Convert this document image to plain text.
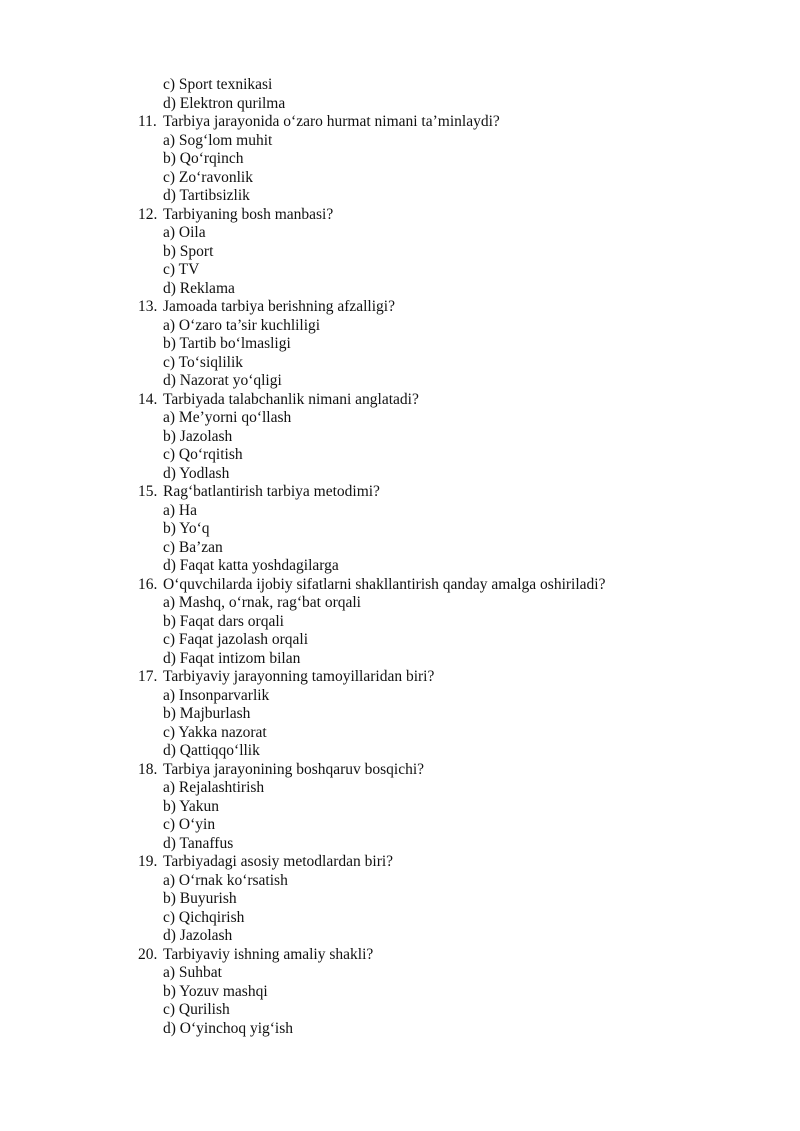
c) Sport texnikasi
d) Elektron qurilma
11. Tarbiya jarayonida o‘zaro hurmat nimani ta’minlaydi?
a) Sog‘lom muhit
b) Qo‘rqinch
c) Zo‘ravonlik
d) Tartibsizlik
12. Tarbiyaning bosh manbasi?
a) Oila
b) Sport
c) TV
d) Reklama
13. Jamoada tarbiya berishning afzalligi?
a) O‘zaro ta’sir kuchliligi
b) Tartib bo‘lmasligi
c) To‘siqlilik
d) Nazorat yo‘qligi
14. Tarbiyada talabchanlik nimani anglatadi?
a) Me’yorni qo‘llash
b) Jazolash
c) Qo‘rqitish
d) Yodlash
15. Rag‘batlantirish tarbiya metodimi?
a) Ha
b) Yo‘q
c) Ba’zan
d) Faqat katta yoshdagilarga
16. O‘quvchilarda ijobiy sifatlarni shakllantirish qanday amalga oshiriladi?
a) Mashq, o‘rnak, rag‘bat orqali
b) Faqat dars orqali
c) Faqat jazolash orqali
d) Faqat intizom bilan
17. Tarbiyaviy jarayonning tamoyillaridan biri?
a) Insonparvarlik
b) Majburlash
c) Yakka nazorat
d) Qattiqqo‘llik
18. Tarbiya jarayonining boshqaruv bosqichi?
a) Rejalashtirish
b) Yakun
c) O‘yin
d) Tanaffus
19. Tarbiyadagi asosiy metodlardan biri?
a) O‘rnak ko‘rsatish
b) Buyurish
c) Qichqirish
d) Jazolash
20. Tarbiyaviy ishning amaliy shakli?
a) Suhbat
b) Yozuv mashqi
c) Qurilish
d) O‘yinchoq yig‘ish
